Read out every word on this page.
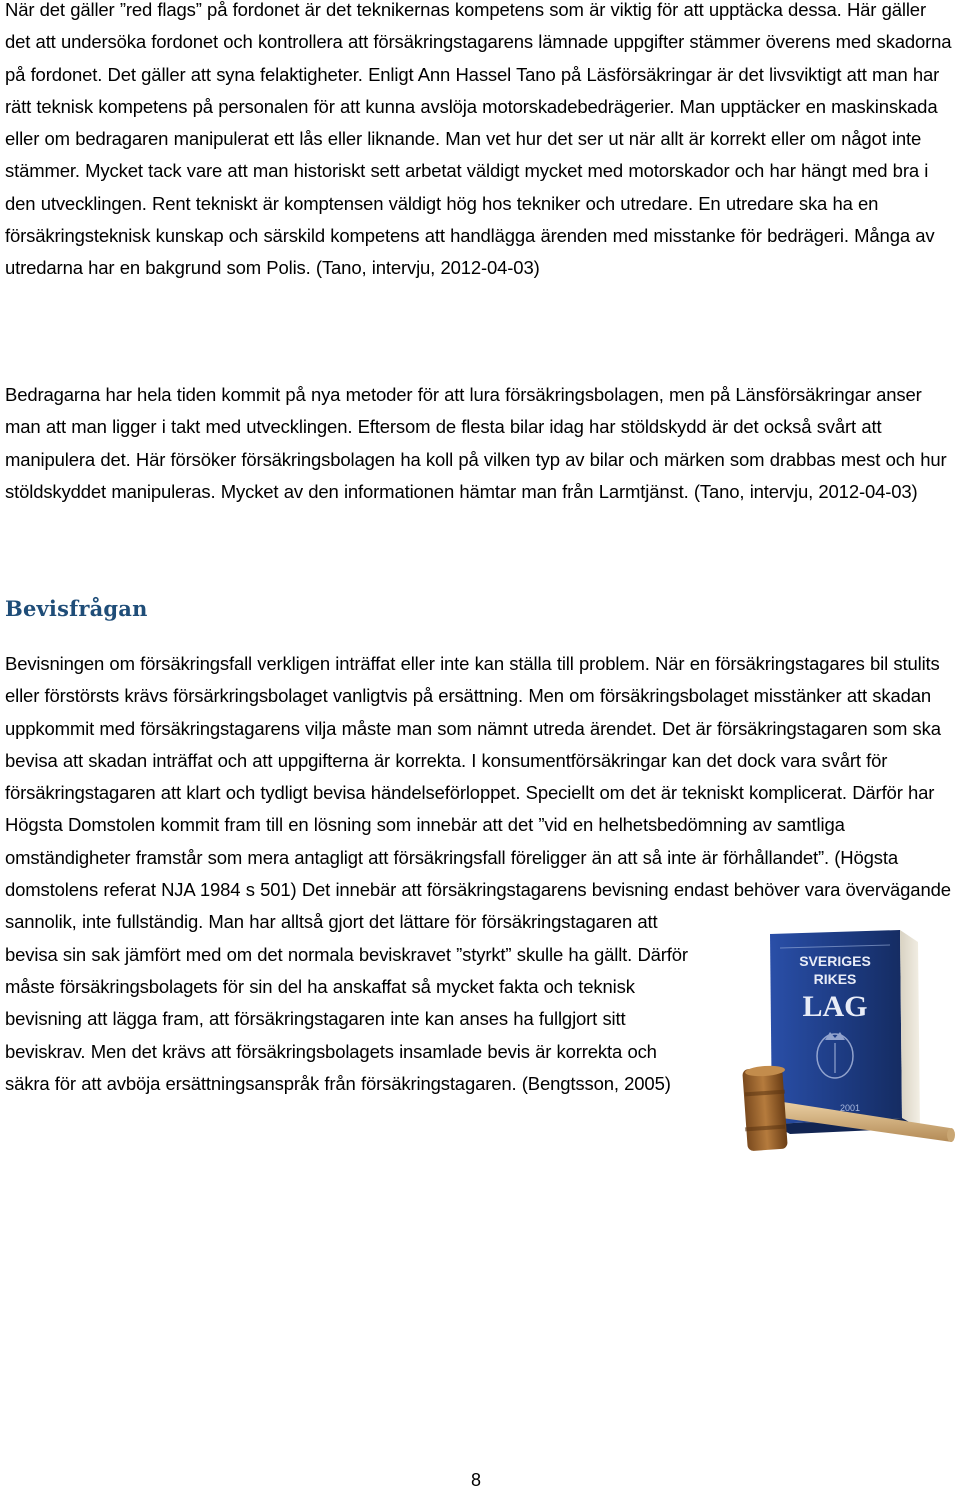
När det gäller ”red flags” på fordonet är det teknikernas kompetens som är viktig för att upptäcka dessa. Här gäller det att undersöka fordonet och kontrollera att försäkringstagarens lämnade uppgifter stämmer överens med skadorna på fordonet. Det gäller att syna felaktigheter. Enligt Ann Hassel Tano på Läsförsäkringar är det livsviktigt att man har rätt teknisk kompetens på personalen för att kunna avslöja motorskadebedrägerier. Man upptäcker en maskinskada eller om bedragaren manipulerat ett lås eller liknande. Man vet hur det ser ut när allt är korrekt eller om något inte stämmer. Mycket tack vare att man historiskt sett arbetat väldigt mycket med motorskador och har hängt med bra i den utvecklingen. Rent tekniskt är komptensen väldigt hög hos tekniker och utredare. En utredare ska ha en försäkringsteknisk kunskap och särskild kompetens att handlägga ärenden med misstanke för bedrägeri. Många av utredarna har en bakgrund som Polis. (Tano, intervju, 2012-04-03)

Bedragarna har hela tiden kommit på nya metoder för att lura försäkringsbolagen, men på Länsförsäkringar anser man att man ligger i takt med utvecklingen. Eftersom de flesta bilar idag har stöldskydd är det också svårt att manipulera det. Här försöker försäkringsbolagen ha koll på vilken typ av bilar och märken som drabbas mest och hur stöldskyddet manipuleras. Mycket av den informationen hämtar man från Larmtjänst. (Tano, intervju, 2012-04-03)

Bevisfrågan
Bevisningen om försäkringsfall verkligen inträffat eller inte kan ställa till problem. När en försäkringstagares bil stulits eller förstörsts krävs försärkringsbolaget vanligtvis på ersättning. Men om försäkringsbolaget misstänker att skadan uppkommit med försäkringstagarens vilja måste man som nämnt utreda ärendet. Det är försäkringstagaren som ska bevisa att skadan inträffat och att uppgifterna är korrekta. I konsumentförsäkringar kan det dock vara svårt för försäkringstagaren att klart och tydligt bevisa händelseförloppet. Speciellt om det är tekniskt komplicerat. Därför har Högsta Domstolen kommit fram till en lösning som innebär att det ”vid en helhetsbedömning av samtliga omständigheter framstår som mera antagligt att försäkringsfall föreligger än att så inte är förhållandet”. (Högsta domstolens referat NJA 1984 s 501) Det innebär att försäkringstagarens bevisning endast behöver vara övervägande sannolik, inte fullständig. Man har alltså gjort det lättare för försäkringstagaren att bevisa sin sak jämfört med om det normala beviskravet ”styrkt” skulle ha gällt. Därför måste försäkringsbolagets för sin del ha anskaffat så mycket fakta och teknisk bevisning att lägga fram, att försäkringstagaren inte kan anses ha fullgjort sitt beviskrav. Men det krävs att försäkringsbolagets insamlade bevis är korrekta och säkra för att avböja ersättningsanspråk från försäkringstagaren. (Bengtsson, 2005)
SVERIGES
RIKES
LAG
2001

8
